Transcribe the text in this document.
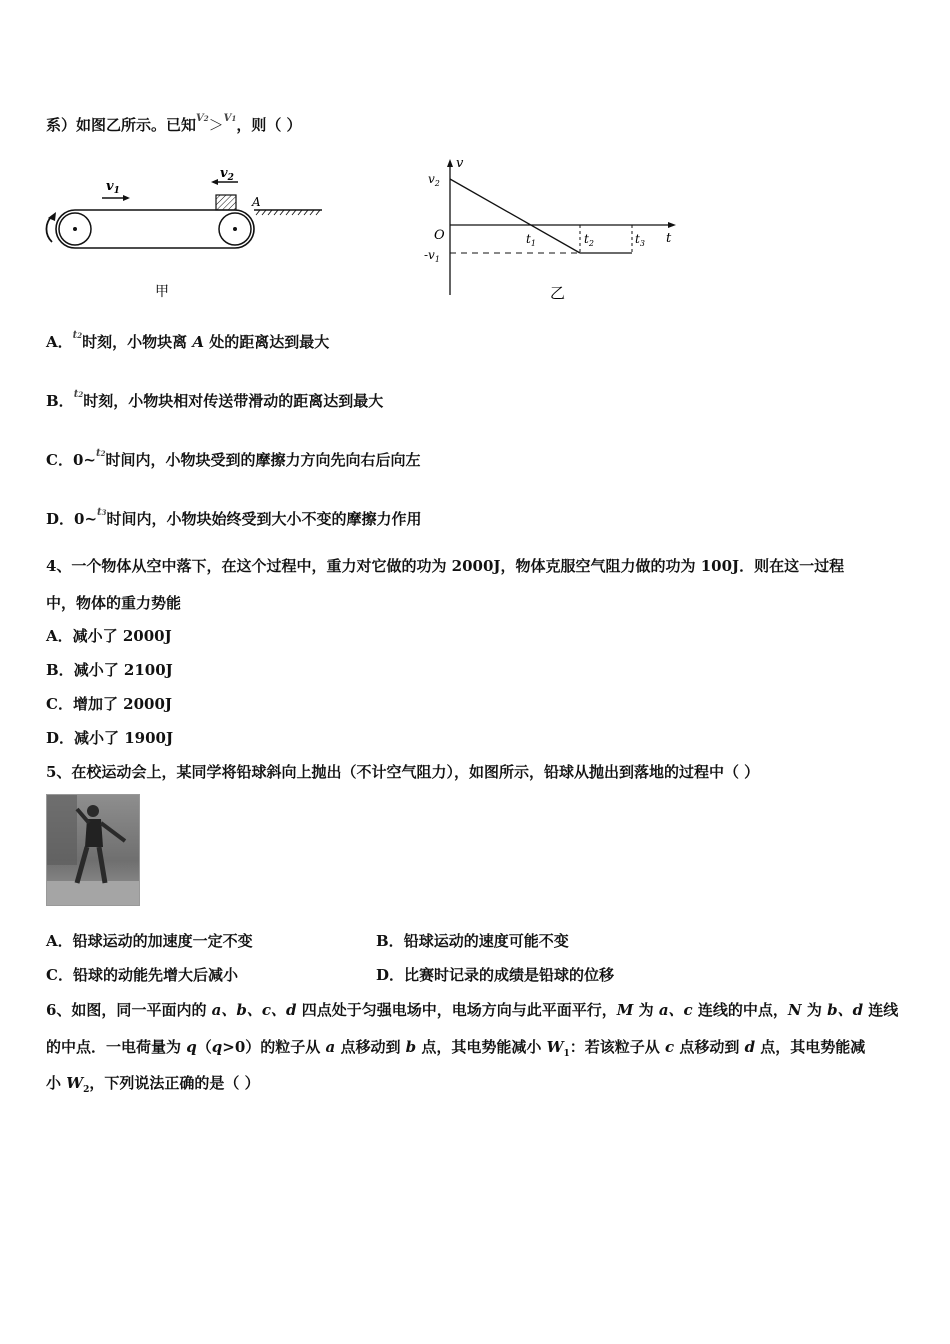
系）如图乙所示。已知$^{V2}$＞$^{V1}$，则（ ）
$v_1$
$v_2$
A
甲
v
t
O
$v_2$
$-v_1$
$t_1$	$t_2$	$t_3$
乙
A．$^{t2}$时刻，小物块离 A 处的距离达到最大
B．$^{t2}$时刻，小物块相对传送带滑动的距离达到最大
C．0~$^{t2}$时间内，小物块受到的摩擦力方向先向右后向左
D．0~$^{t3}$时间内，小物块始终受到大小不变的摩擦力作用
4、一个物体从空中落下，在这个过程中，重力对它做的功为 2000J，物体克服空气阻力做的功为 100J．则在这一过程
中，物体的重力势能
A．减小了 2000J
B．减小了 2100J
C．增加了 2000J
D．减小了 1900J
5、在校运动会上，某同学将铅球斜向上抛出（不计空气阻力），如图所示，铅球从抛出到落地的过程中（ ）
A．铅球运动的加速度一定不变	B．铅球运动的速度可能不变
C．铅球的动能先增大后减小	D．比赛时记录的成绩是铅球的位移
6、如图，同一平面内的 a、b、c、d 四点处于匀强电场中，电场方向与此平面平行，M 为 a、c 连线的中点，N 为 b、d 连线
的中点．一电荷量为 q（q>0）的粒子从 a 点移动到 b 点，其电势能减小 $W_1$：若该粒子从 c 点移动到 d 点，其电势能减
小 $W_2$，下列说法正确的是（ ）
